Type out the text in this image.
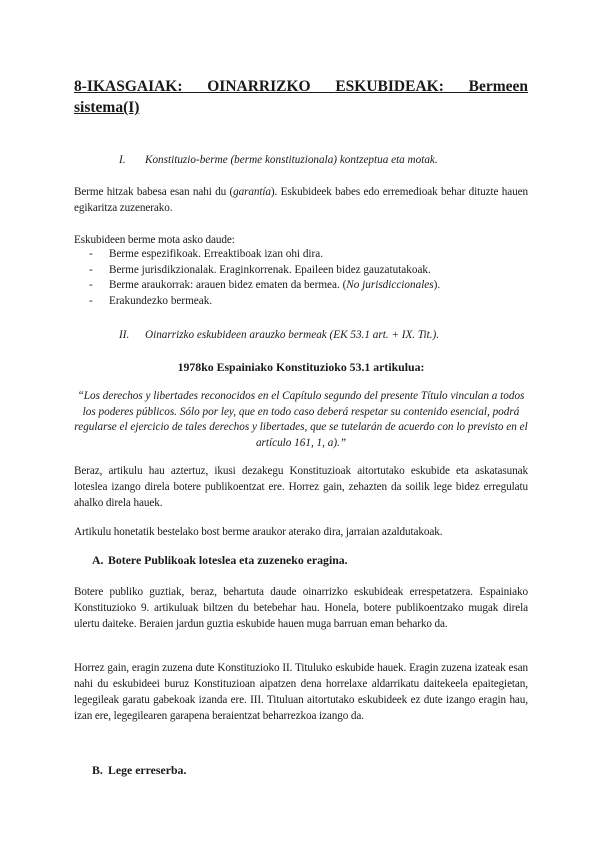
8-IKASGAIAK: OINARRIZKO ESKUBIDEAK: Bermeen sistema(I)
I. Konstituzio-berme (berme konstituzionala) kontzeptua eta motak.
Berme hitzak babesa esan nahi du (garantía). Eskubideek babes edo erremedioak behar dituzte hauen egikaritza zuzenerako.
Eskubideen berme mota asko daude:
- Berme espezifikoak. Erreaktiboak izan ohi dira.
- Berme jurisdikzionalak. Eraginkorrenak. Epaileen bidez gauzatutakoak.
- Berme araukorrak: arauen bidez ematen da bermea. (No jurisdiccionales).
- Erakundezko bermeak.
II. Oinarrizko eskubideen arauzko bermeak (EK 53.1 art. + IX. Tit.).
1978ko Espainiako Konstituzioko 53.1 artikulua:
“Los derechos y libertades reconocidos en el Capítulo segundo del presente Título vinculan a todos los poderes públicos. Sólo por ley, que en todo caso deberá respetar su contenido esencial, podrá regularse el ejercicio de tales derechos y libertades, que se tutelarán de acuerdo con lo previsto en el artículo 161, 1, a).”
Beraz, artikulu hau aztertuz, ikusi dezakegu Konstituzioak aitortutako eskubide eta askatasunak loteslea izango direla botere publikoentzat ere. Horrez gain, zehazten da soilik lege bidez erregulatu ahalko direla hauek.
Artikulu honetatik bestelako bost berme araukor aterako dira, jarraian azaldutakoak.
A. Botere Publikoak loteslea eta zuzeneko eragina.
Botere publiko guztiak, beraz, behartuta daude oinarrizko eskubideak errespetatzera. Espainiako Konstituzioko 9. artikuluak biltzen du betebehar hau. Honela, botere publikoentzako mugak direla ulertu daiteke. Beraien jardun guztia eskubide hauen muga barruan eman beharko da.
Horrez gain, eragin zuzena dute Konstituzioko II. Tituluko eskubide hauek. Eragin zuzena izateak esan nahi du eskubideei buruz Konstituzioan aipatzen dena horrelaxe aldarrikatu daitekeela epaitegietan, legegileak garatu gabekoak izanda ere. III. Tituluan aitortutako eskubideek ez dute izango eragin hau, izan ere, legegilearen garapena beraientzat beharrezkoa izango da.
B. Lege erreserba.
